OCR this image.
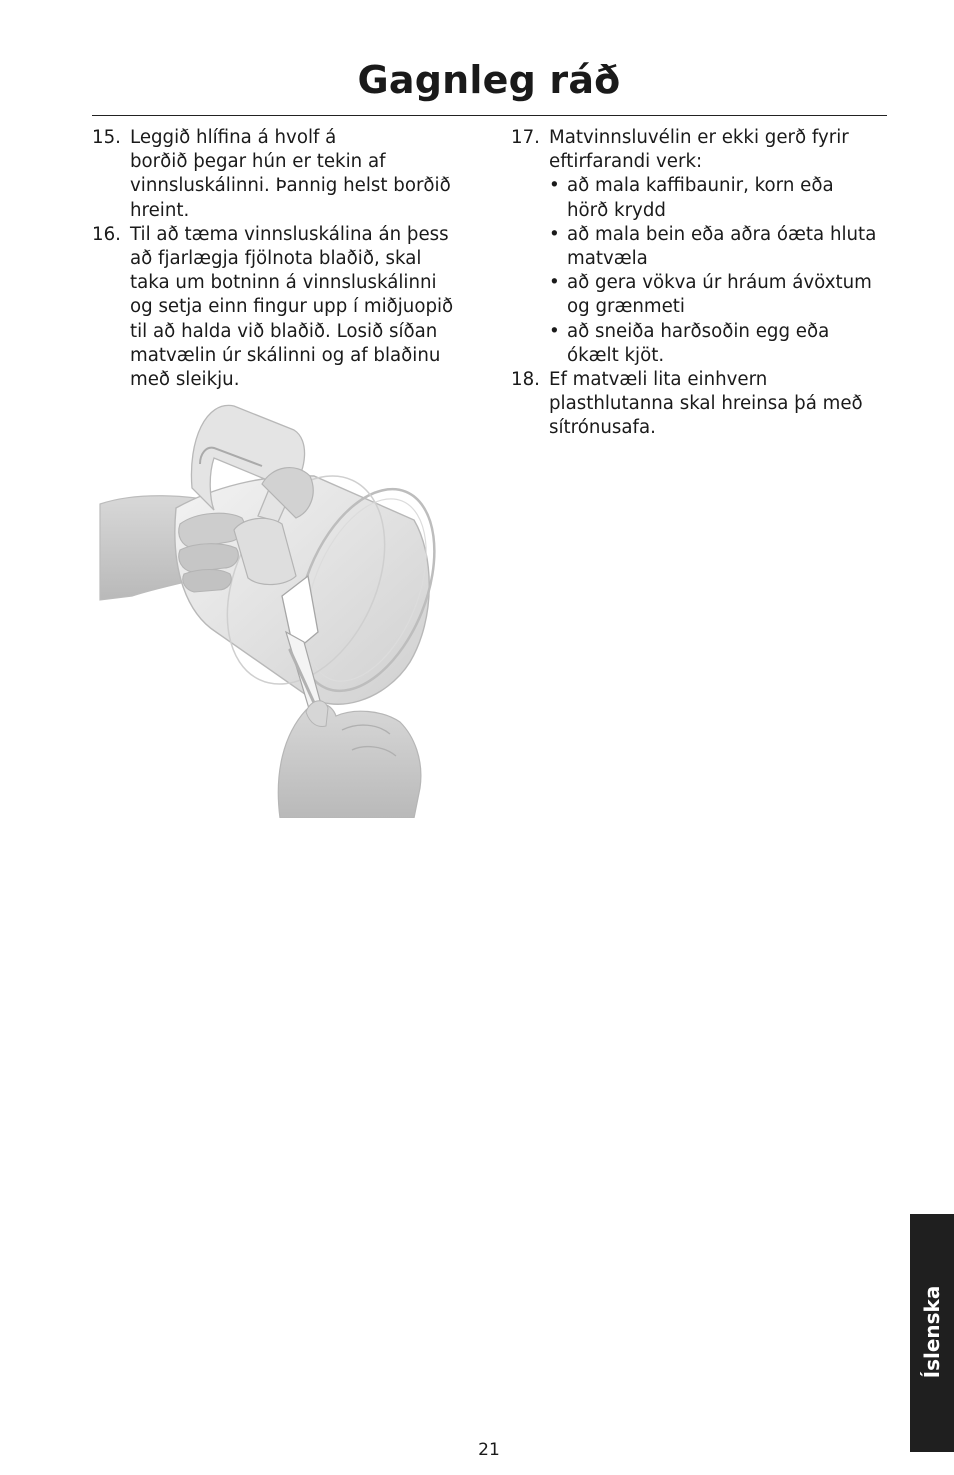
Gagnleg ráð
15. Leggið hlífina á hvolf á
borðið þegar hún er tekin af
vinnsluskálinni. Þannig helst borðið
hreint.
16. Til að tæma vinnsluskálina án þess
að fjarlægja fjölnota blaðið, skal
taka um botninn á vinnsluskálinni
og setja einn fingur upp í miðjuopið
til að halda við blaðið. Losið síðan
matvælin úr skálinni og af blaðinu
með sleikju.
17. Matvinnsluvélin er ekki gerð fyrir
eftirfarandi verk:
• að mala kaffibaunir, korn eða
hörð krydd
• að mala bein eða aðra óæta hluta
matvæla
• að gera vökva úr hráum ávöxtum
og grænmeti
• að sneiða harðsoðin egg eða
ókælt kjöt.
18. Ef matvæli lita einhvern
plasthlutanna skal hreinsa þá með
sítrónusafa.
Íslenska
21
